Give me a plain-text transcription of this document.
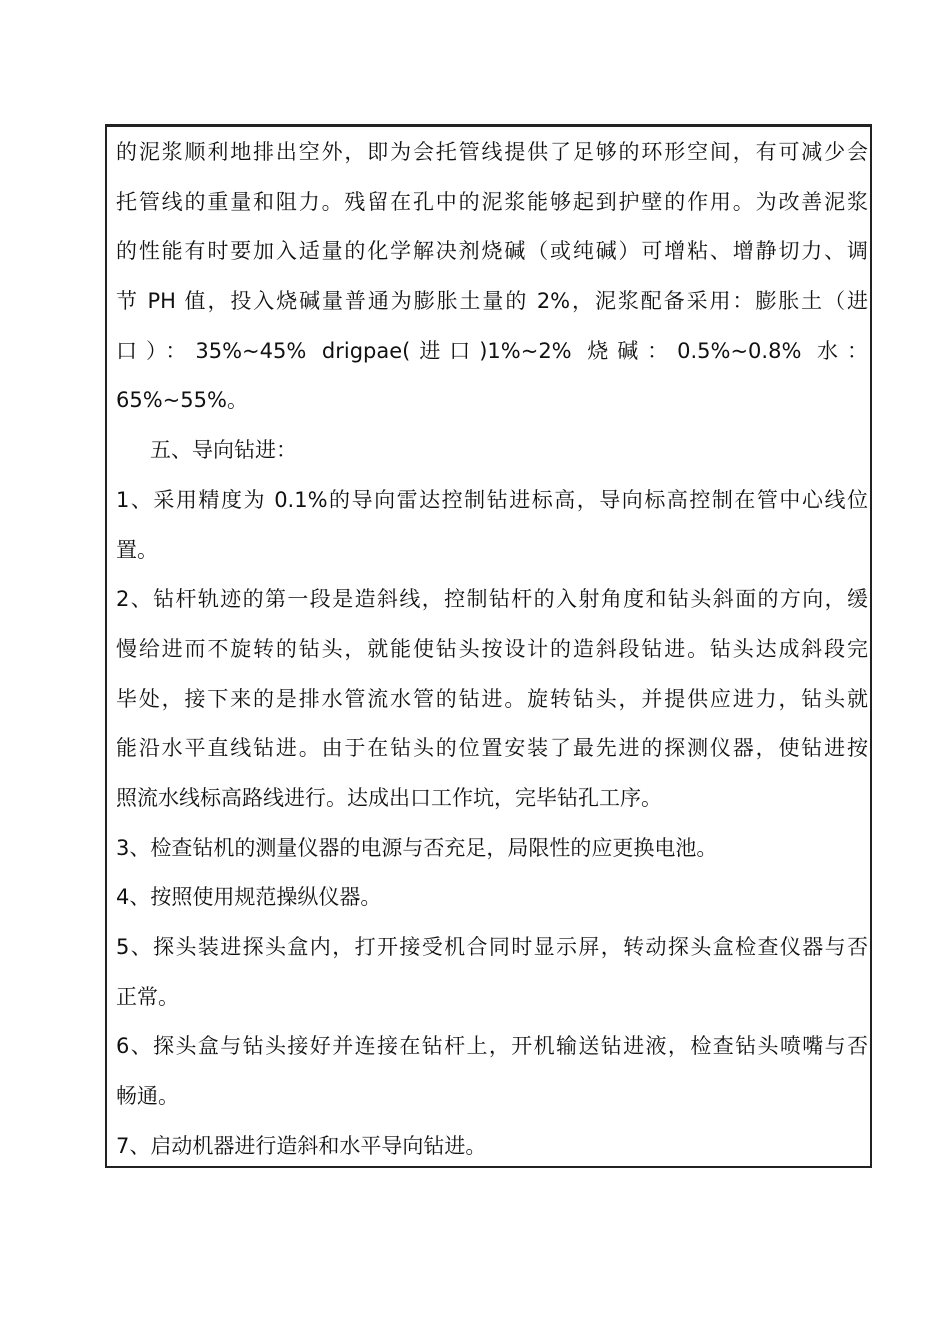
的泥浆顺利地排出空外，即为会托管线提供了足够的环形空间，有可减少会
托管线的重量和阻力。残留在孔中的泥浆能够起到护壁的作用。为改善泥浆
的性能有时要加入适量的化学解决剂烧碱（或纯碱）可增粘、增静切力、调
节 PH 值，投入烧碱量普通为膨胀土量的 2%，泥浆配备采用：膨胀土（进
口）：35%~45% drigpae(进口)1%~2% 烧碱：0.5%~0.8% 水：
65%~55%。
五、导向钻进：
1、采用精度为 0.1%的导向雷达控制钻进标高，导向标高控制在管中心线位
置。
2、钻杆轨迹的第一段是造斜线，控制钻杆的入射角度和钻头斜面的方向，缓
慢给进而不旋转的钻头，就能使钻头按设计的造斜段钻进。钻头达成斜段完
毕处，接下来的是排水管流水管的钻进。旋转钻头，并提供应进力，钻头就
能沿水平直线钻进。由于在钻头的位置安装了最先进的探测仪器，使钻进按
照流水线标高路线进行。达成出口工作坑，完毕钻孔工序。
3、检查钻机的测量仪器的电源与否充足，局限性的应更换电池。
4、按照使用规范操纵仪器。
5、探头装进探头盒内，打开接受机合同时显示屏，转动探头盒检查仪器与否
正常。
6、探头盒与钻头接好并连接在钻杆上，开机输送钻进液，检查钻头喷嘴与否
畅通。
7、启动机器进行造斜和水平导向钻进。
